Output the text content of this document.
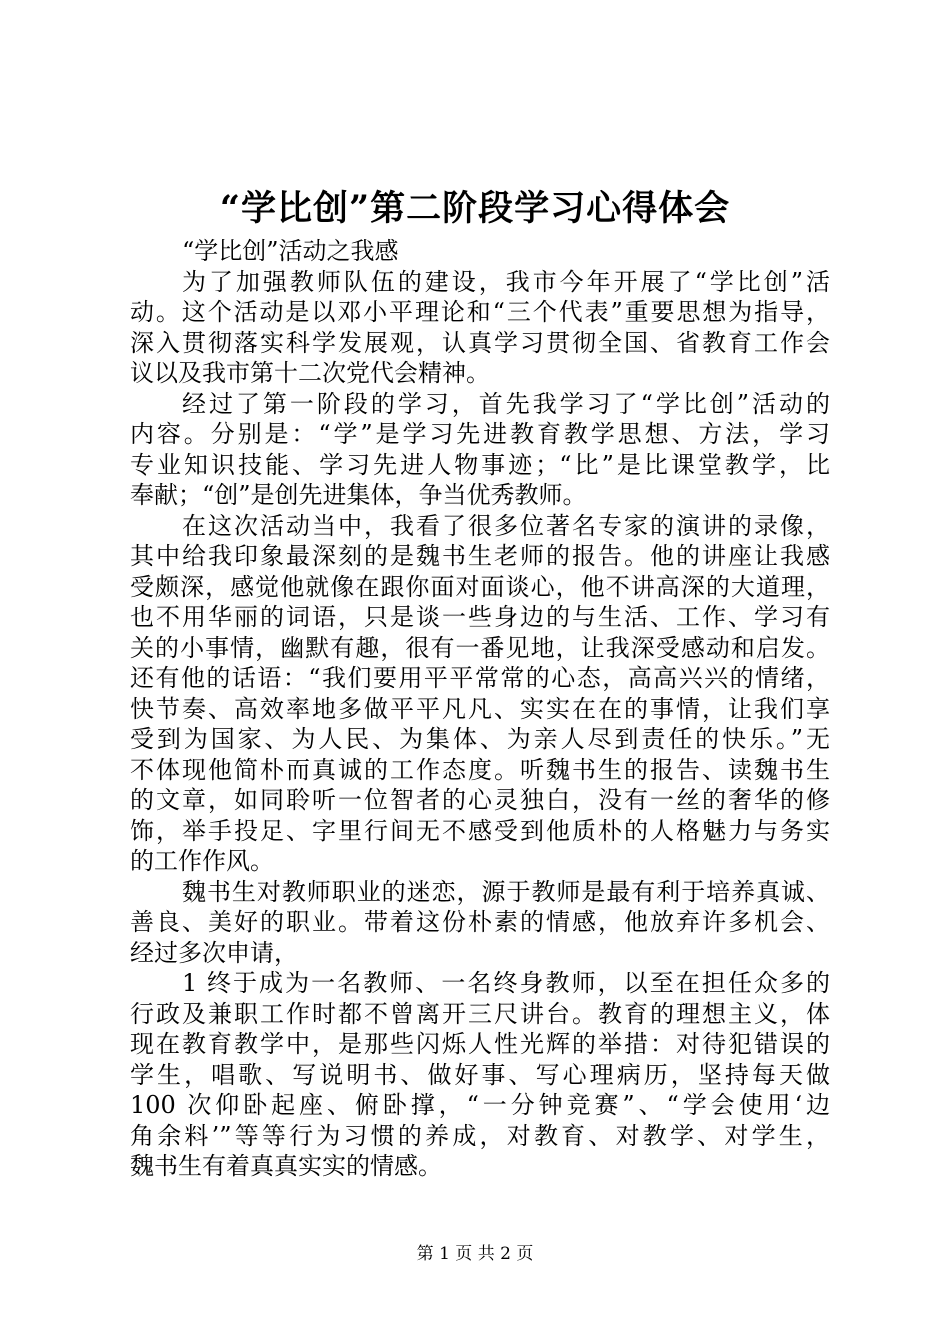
“学比创”第二阶段学习心得体会
“学比创”活动之我感
为了加强教师队伍的建设，我市今年开展了“学比创”活
动。这个活动是以邓小平理论和“三个代表”重要思想为指导，
深入贯彻落实科学发展观，认真学习贯彻全国、省教育工作会
议以及我市第十二次党代会精神。
经过了第一阶段的学习，首先我学习了“学比创”活动的
内容。分别是：“学”是学习先进教育教学思想、方法，学习
专业知识技能、学习先进人物事迹；“比”是比课堂教学，比
奉献；“创”是创先进集体，争当优秀教师。
在这次活动当中，我看了很多位著名专家的演讲的录像，
其中给我印象最深刻的是魏书生老师的报告。他的讲座让我感
受颇深，感觉他就像在跟你面对面谈心，他不讲高深的大道理，
也不用华丽的词语，只是谈一些身边的与生活、工作、学习有
关的小事情，幽默有趣，很有一番见地，让我深受感动和启发。
还有他的话语：“我们要用平平常常的心态，高高兴兴的情绪，
快节奏、高效率地多做平平凡凡、实实在在的事情，让我们享
受到为国家、为人民、为集体、为亲人尽到责任的快乐。”无
不体现他简朴而真诚的工作态度。听魏书生的报告、读魏书生
的文章，如同聆听一位智者的心灵独白，没有一丝的奢华的修
饰，举手投足、字里行间无不感受到他质朴的人格魅力与务实
的工作作风。
魏书生对教师职业的迷恋，源于教师是最有利于培养真诚、
善良、美好的职业。带着这份朴素的情感，他放弃许多机会、
经过多次申请，
1 终于成为一名教师、一名终身教师，以至在担任众多的
行政及兼职工作时都不曾离开三尺讲台。教育的理想主义，体
现在教育教学中，是那些闪烁人性光辉的举措：对待犯错误的
学生，唱歌、写说明书、做好事、写心理病历，坚持每天做
100 次仰卧起座、俯卧撑，“一分钟竞赛”、“学会使用‘边
角余料’”等等行为习惯的养成，对教育、对教学、对学生，
魏书生有着真真实实的情感。
第 1 页 共 2 页
